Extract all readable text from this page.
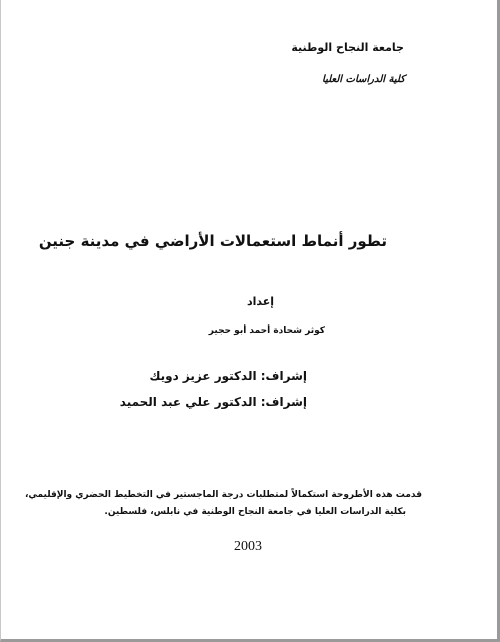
جامعة النجاح الوطنية

كلية الدراسات العليا

تطور أنماط استعمالات الأراضي في مدينة جنين

إعداد

كوثر شحادة أحمد أبو حجير

إشراف: الدكتور عزيز دويك

إشراف: الدكتور علي عبد الحميد

قدمت هذه الأطروحة استكمالاً لمتطلبات درجة الماجستير في التخطيط الحضري والإقليمي،

بكلية الدراسات العليا في جامعة النجاح الوطنية في نابلس، فلسطين.

2003
